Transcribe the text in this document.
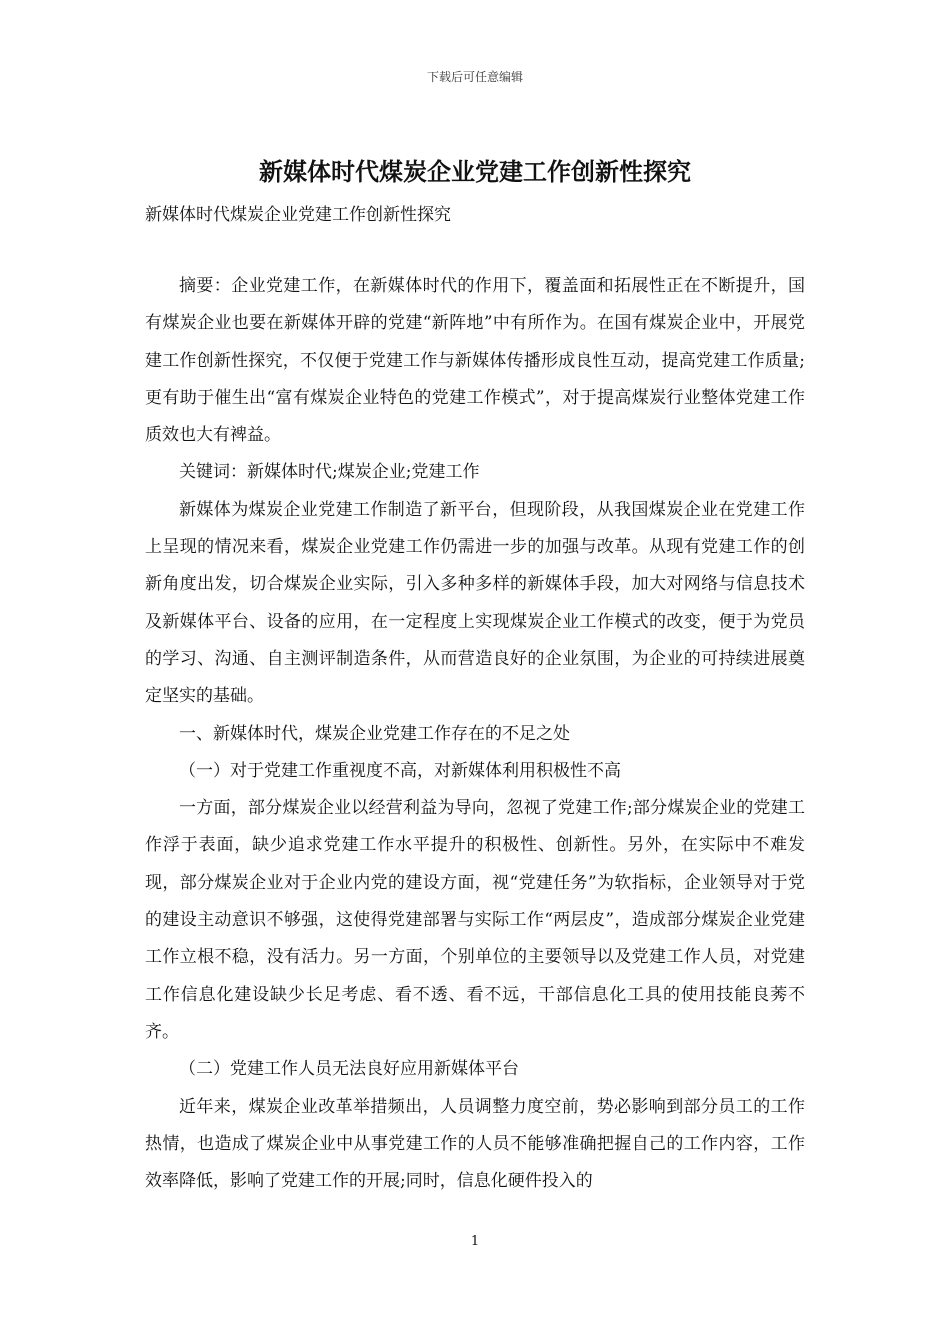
下载后可任意编辑
新媒体时代煤炭企业党建工作创新性探究
新媒体时代煤炭企业党建工作创新性探究

摘要：企业党建工作，在新媒体时代的作用下，覆盖面和拓展性正在不断提升，国有煤炭企业也要在新媒体开辟的党建“新阵地”中有所作为。在国有煤炭企业中，开展党建工作创新性探究，不仅便于党建工作与新媒体传播形成良性互动，提高党建工作质量;更有助于催生出“富有煤炭企业特色的党建工作模式”，对于提高煤炭行业整体党建工作质效也大有裨益。

关键词：新媒体时代;煤炭企业;党建工作

新媒体为煤炭企业党建工作制造了新平台，但现阶段，从我国煤炭企业在党建工作上呈现的情况来看，煤炭企业党建工作仍需进一步的加强与改革。从现有党建工作的创新角度出发，切合煤炭企业实际，引入多种多样的新媒体手段，加大对网络与信息技术及新媒体平台、设备的应用，在一定程度上实现煤炭企业工作模式的改变，便于为党员的学习、沟通、自主测评制造条件，从而营造良好的企业氛围，为企业的可持续进展奠定坚实的基础。

一、新媒体时代，煤炭企业党建工作存在的不足之处

（一）对于党建工作重视度不高，对新媒体利用积极性不高

一方面，部分煤炭企业以经营利益为导向，忽视了党建工作;部分煤炭企业的党建工作浮于表面，缺少追求党建工作水平提升的积极性、创新性。另外，在实际中不难发现，部分煤炭企业对于企业内党的建设方面，视“党建任务”为软指标，企业领导对于党的建设主动意识不够强，这使得党建部署与实际工作“两层皮”，造成部分煤炭企业党建工作立根不稳，没有活力。另一方面，个别单位的主要领导以及党建工作人员，对党建工作信息化建设缺少长足考虑、看不透、看不远，干部信息化工具的使用技能良莠不齐。

（二）党建工作人员无法良好应用新媒体平台

近年来，煤炭企业改革举措频出，人员调整力度空前，势必影响到部分员工的工作热情，也造成了煤炭企业中从事党建工作的人员不能够准确把握自己的工作内容，工作效率降低，影响了党建工作的开展;同时，信息化硬件投入的

1
